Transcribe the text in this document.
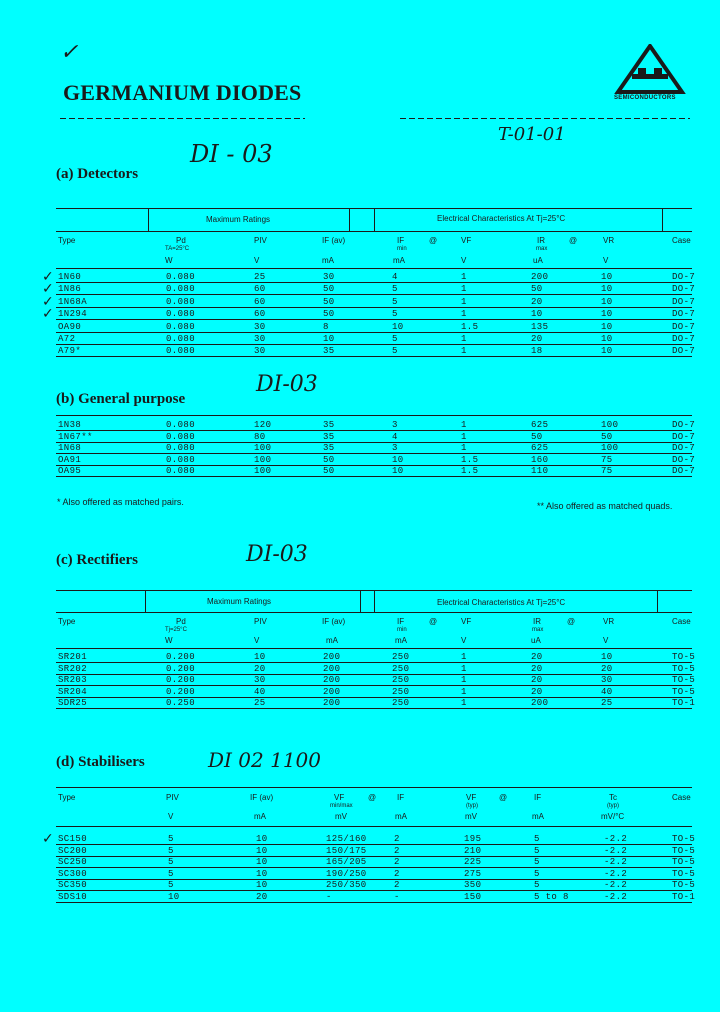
✓
GERMANIUM DIODES	SEMICONDUCTORS
T-01-01
(a) Detectors
DI - 03
Maximum Ratings	Electrical Characteristics At Tj=25°C
Type	Pd
TA=25°C
PIV	IF (av)	IF
min
@	VF	IR
max
@	VR	Case
W	V	mA	mA	V	uA	V
(b) General purpose
DI-03
* Also offered as matched pairs.	** Also offered as matched quads.
(c) Rectifiers	DI-03
Maximum Ratings	Electrical Characteristics At Tj=25°C
Type	Pd
Tj=25°C
PIV	IF (av)	IF
min
@	VF	IR
max
@	VR	Case
W	V	mA	mA	V	uA	V
(d) Stabilisers	DI 02 1100
Type	PIV	IF (av)	VF
min/max
@	IF	VF
(typ)
@	IF	Tc
(typ)
Case
V	mA	mV	mA	mV	mA	mV/°C
1N60	0.080	25	30	4	1	200	10	DO-7
✓
1N86	0.080	60	50	5	1	50	10	DO-7
✓
1N68A	0.080	60	50	5	1	20	10	DO-7
✓
1N294	0.080	60	50	5	1	10	10	DO-7
✓
OA90	0.080	30	8	10	1.5	135	10	DO-7
A72	0.080	30	10	5	1	20	10	DO-7
A79*	0.080	30	35	5	1	18	10	DO-7
1N38	0.080	120	35	3	1	625	100	DO-7
1N67**	0.080	80	35	4	1	50	50	DO-7
1N68	0.080	100	35	3	1	625	100	DO-7
OA91	0.080	100	50	10	1.5	160	75	DO-7
OA95	0.080	100	50	10	1.5	110	75	DO-7
SR201	0.200	10	200	250	1	20	10	TO-5
SR202	0.200	20	200	250	1	20	20	TO-5
SR203	0.200	30	200	250	1	20	30	TO-5
SR204	0.200	40	200	250	1	20	40	TO-5
SDR25	0.250	25	200	250	1	200	25	TO-1
SC150	5	10	125/160	2	195	5	-2.2	TO-5
✓
SC200	5	10	150/175	2	210	5	-2.2	TO-5
SC250	5	10	165/205	2	225	5	-2.2	TO-5
SC300	5	10	190/250	2	275	5	-2.2	TO-5
SC350	5	10	250/350	2	350	5	-2.2	TO-5
SDS10	10	20	-	-	150	5 to 8	-2.2	TO-1
